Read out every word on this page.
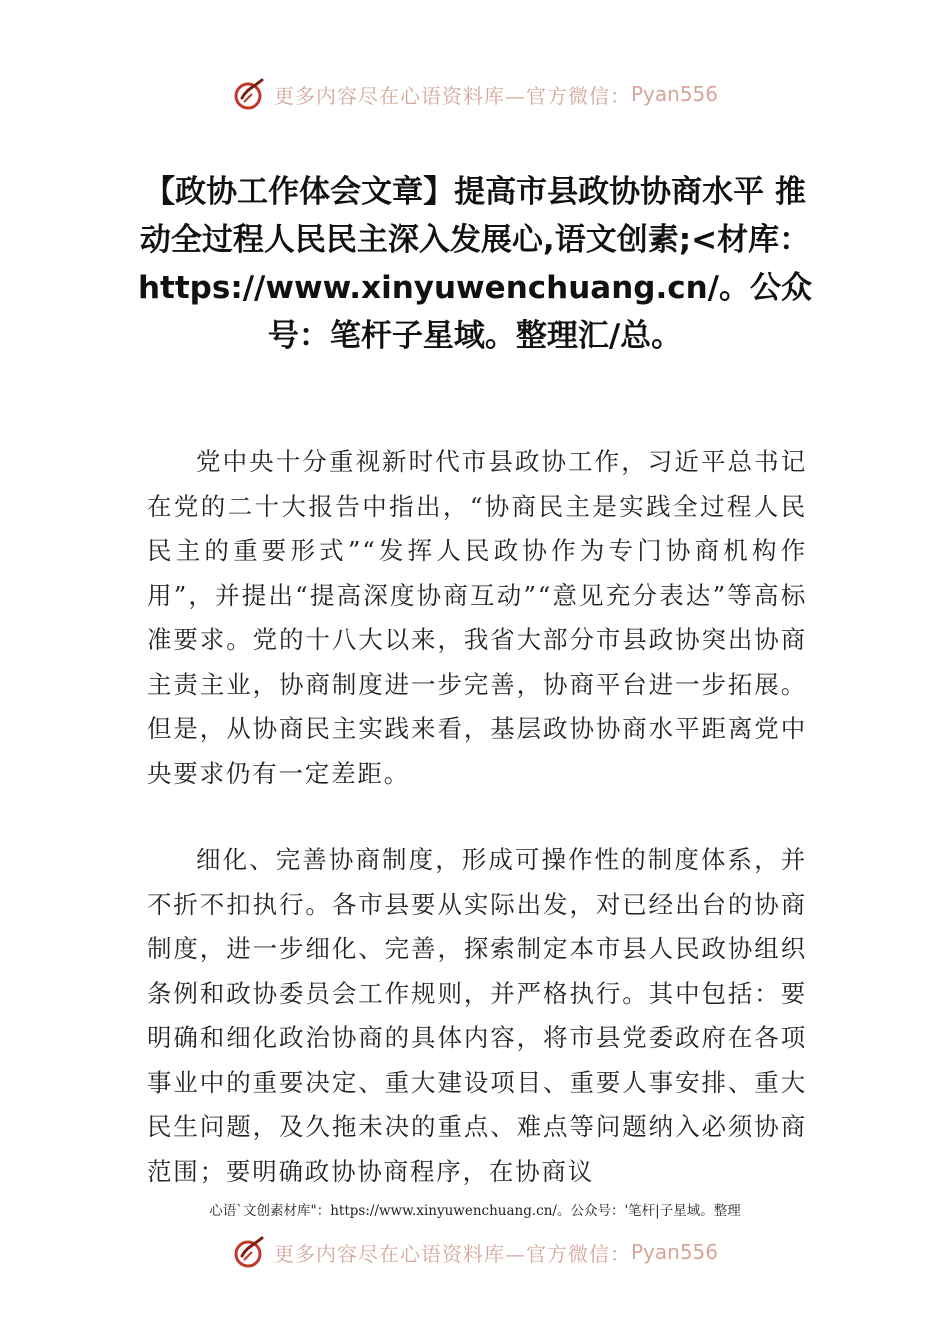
更多内容尽在心语资料库—官方微信： Pyan556
【政协工作体会文章】提高市县政协协商水平 推动全过程人民民主深入发展心,语文创素;<材库：https://www.xinyuwenchuang.cn/。公众号：笔杆子星域。整理汇/总。

党中央十分重视新时代市县政协工作，习近平总书记在党的二十大报告中指出，“协商民主是实践全过程人民民主的重要形式”“发挥人民政协作为专门协商机构作用”，并提出“提高深度协商互动”“意见充分表达”等高标准要求。党的十八大以来，我省大部分市县政协突出协商主责主业，协商制度进一步完善，协商平台进一步拓展。但是，从协商民主实践来看，基层政协协商水平距离党中央要求仍有一定差距。

细化、完善协商制度，形成可操作性的制度体系，并不折不扣执行。各市县要从实际出发，对已经出台的协商制度，进一步细化、完善，探索制定本市县人民政协组织条例和政协委员会工作规则，并严格执行。其中包括：要明确和细化政治协商的具体内容，将市县党委政府在各项事业中的重要决定、重大建设项目、重要人事安排、重大民生问题，及久拖未决的重点、难点等问题纳入必须协商范围；要明确政协协商程序，在协商议

心语`文创素材库"：https://www.xinyuwenchuang.cn/。公众号：'笔杆|子星域。整理
更多内容尽在心语资料库—官方微信： Pyan556
